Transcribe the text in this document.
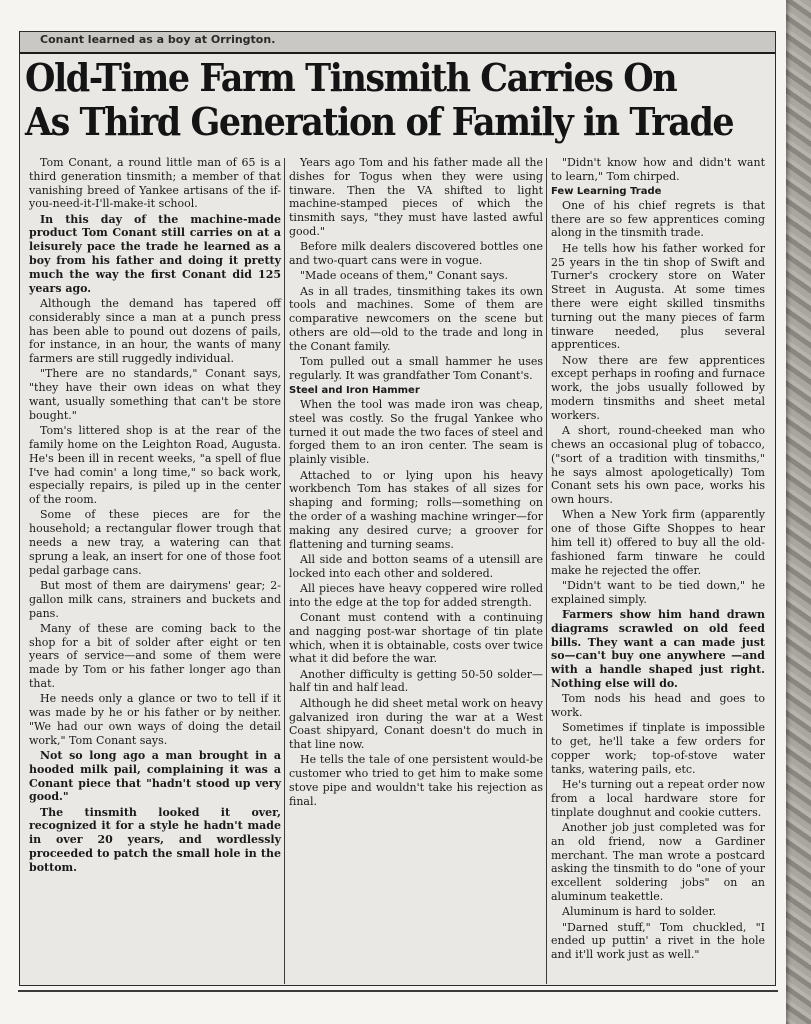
Conant learned as a boy at Orrington.
Old-Time Farm Tinsmith Carries On
As Third Generation of Family in Trade

Tom Conant, a round little man of 65 is a third generation tinsmith; a member of that vanishing breed of Yankee artisans of the if-you-need-it-I'll-make-it school.

In this day of the machine-made product Tom Conant still carries on at a leisurely pace the trade he learned as a boy from his father and doing it pretty much the way the first Conant did 125 years ago.

Although the demand has tapered off considerably since a man at a punch press has been able to pound out dozens of pails, for instance, in an hour, the wants of many farmers are still ruggedly individual.

"There are no standards," Conant says, "they have their own ideas on what they want, usually something that can't be store bought."

Tom's littered shop is at the rear of the family home on the Leighton Road, Augusta. He's been ill in recent weeks, "a spell of flue I've had comin' a long time," so back work, especially repairs, is piled up in the center of the room.

Some of these pieces are for the household; a rectangular flower trough that needs a new tray, a watering can that sprung a leak, an insert for one of those foot pedal garbage cans.

But most of them are dairymens' gear; 2-gallon milk cans, strainers and buckets and pans.

Many of these are coming back to the shop for a bit of solder after eight or ten years of service—and some of them were made by Tom or his father longer ago than that.

He needs only a glance or two to tell if it was made by he or his father or by neither. "We had our own ways of doing the detail work," Tom Conant says.

Not so long ago a man brought in a hooded milk pail, complaining it was a Conant piece that "hadn't stood up very good."

The tinsmith looked it over, recognized it for a style he hadn't made in over 20 years, and wordlessly proceeded to patch the small hole in the bottom.

Years ago Tom and his father made all the dishes for Togus when they were using tinware. Then the VA shifted to light machine-stamped pieces of which the tinsmith says, "they must have lasted awful good."

Before milk dealers discovered bottles one and two-quart cans were in vogue.

"Made oceans of them," Conant says.

As in all trades, tinsmithing takes its own tools and machines. Some of them are comparative newcomers on the scene but others are old—old to the trade and long in the Conant family.

Tom pulled out a small hammer he uses regularly. It was grandfather Tom Conant's.

Steel and Iron Hammer

When the tool was made iron was cheap, steel was costly. So the frugal Yankee who turned it out made the two faces of steel and forged them to an iron center. The seam is plainly visible.

Attached to or lying upon his heavy workbench Tom has stakes of all sizes for shaping and forming; rolls—something on the order of a washing machine wringer—for making any desired curve; a groover for flattening and turning seams.

All side and botton seams of a utensill are locked into each other and soldered.

All pieces have heavy coppered wire rolled into the edge at the top for added strength.

Conant must contend with a continuing and nagging post-war shortage of tin plate which, when it is obtainable, costs over twice what it did before the war.

Another difficulty is getting 50-50 solder—half tin and half lead.

Although he did sheet metal work on heavy galvanized iron during the war at a West Coast shipyard, Conant doesn't do much in that line now.

He tells the tale of one persistent would-be customer who tried to get him to make some stove pipe and wouldn't take his rejection as final.

"Didn't know how and didn't want to learn," Tom chirped.

Few Learning Trade

One of his chief regrets is that there are so few apprentices coming along in the tinsmith trade.

He tells how his father worked for 25 years in the tin shop of Swift and Turner's crockery store on Water Street in Augusta. At some times there were eight skilled tinsmiths turning out the many pieces of farm tinware needed, plus several apprentices.

Now there are few apprentices except perhaps in roofing and furnace work, the jobs usually followed by modern tinsmiths and sheet metal workers.

A short, round-cheeked man who chews an occasional plug of tobacco, ("sort of a tradition with tinsmiths," he says almost apologetically) Tom Conant sets his own pace, works his own hours.

When a New York firm (apparently one of those Gifte Shoppes to hear him tell it) offered to buy all the old-fashioned farm tinware he could make he rejected the offer.

"Didn't want to be tied down," he explained simply.

Farmers show him hand drawn diagrams scrawled on old feed bills. They want a can made just so—can't buy one anywhere —and with a handle shaped just right. Nothing else will do.

Tom nods his head and goes to work.

Sometimes if tinplate is impossible to get, he'll take a few orders for copper work; top-of-stove water tanks, watering pails, etc.

He's turning out a repeat order now from a local hardware store for tinplate doughnut and cookie cutters.

Another job just completed was for an old friend, now a Gardiner merchant. The man wrote a postcard asking the tinsmith to do "one of your excellent soldering jobs" on an aluminum teakettle.

Aluminum is hard to solder.

"Darned stuff," Tom chuckled, "I ended up puttin' a rivet in the hole and it'll work just as well."
